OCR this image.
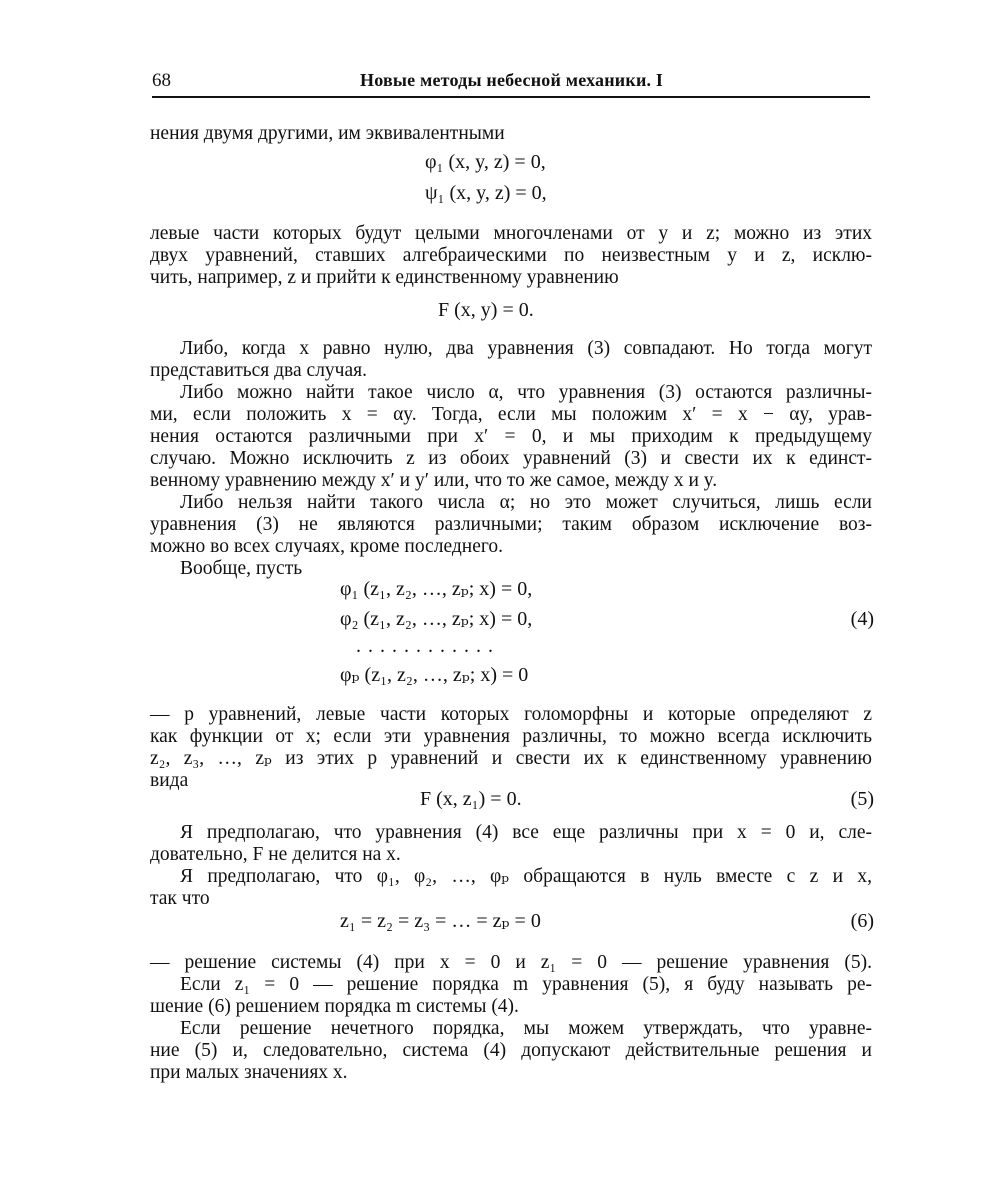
68	Новые методы небесной механики. I
нения двумя другими, им эквивалентными
φ₁ (x, y, z) = 0,
ψ₁ (x, y, z) = 0,
левые части которых будут целыми многочленами от y и z; можно из этих
двух уравнений, ставших алгебраическими по неизвестным y и z, исклю-
чить, например, z и прийти к единственному уравнению
F (x, y) = 0.
Либо, когда x равно нулю, два уравнения (3) совпадают. Но тогда могут
представиться два случая.
Либо можно найти такое число α, что уравнения (3) остаются различны-
ми, если положить x = αy. Тогда, если мы положим x′ = x − αy, урав-
нения остаются различными при x′ = 0, и мы приходим к предыдущему
случаю. Можно исключить z из обоих уравнений (3) и свести их к единст-
венному уравнению между x′ и y′ или, что то же самое, между x и y.
Либо нельзя найти такого числа α; но это может случиться, лишь если
уравнения (3) не являются различными; таким образом исключение воз-
можно во всех случаях, кроме последнего.
Вообще, пусть
φ₁ (z₁, z₂, …, zₚ; x) = 0,
φ₂ (z₁, z₂, …, zₚ; x) = 0,	(4)
. . . . . . . . . . . .
φₚ (z₁, z₂, …, zₚ; x) = 0
— p уравнений, левые части которых голоморфны и которые определяют z
как функции от x; если эти уравнения различны, то можно всегда исключить
z₂, z₃, …, zₚ из этих p уравнений и свести их к единственному уравнению
вида
F (x, z₁) = 0.	(5)
Я предполагаю, что уравнения (4) все еще различны при x = 0 и, сле-
довательно, F не делится на x.
Я предполагаю, что φ₁, φ₂, …, φₚ обращаются в нуль вместе с z и x,
так что
z₁ = z₂ = z₃ = … = zₚ = 0	(6)
— решение системы (4) при x = 0 и z₁ = 0 — решение уравнения (5).
Если z₁ = 0 — решение порядка m уравнения (5), я буду называть ре-
шение (6) решением порядка m системы (4).
Если решение нечетного порядка, мы можем утверждать, что уравне-
ние (5) и, следовательно, система (4) допускают действительные решения и
при малых значениях x.
